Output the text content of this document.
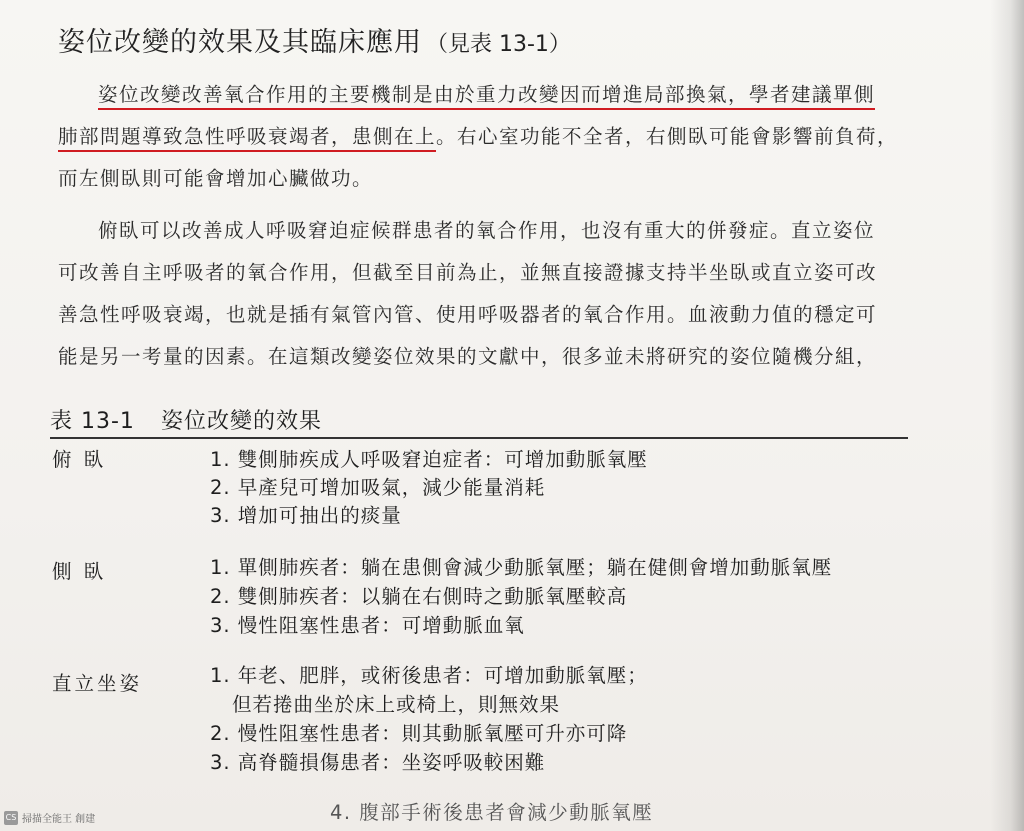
姿位改變的效果及其臨床應用 （見表 13-1）
姿位改變改善氧合作用的主要機制是由於重力改變因而增進局部換氣，學者建議單側
肺部問題導致急性呼吸衰竭者，患側在上。右心室功能不全者，右側臥可能會影響前負荷，
而左側臥則可能會增加心臟做功。
俯臥可以改善成人呼吸窘迫症候群患者的氧合作用，也沒有重大的併發症。直立姿位
可改善自主呼吸者的氧合作用，但截至目前為止，並無直接證據支持半坐臥或直立姿可改
善急性呼吸衰竭，也就是插有氣管內管、使用呼吸器者的氧合作用。血液動力值的穩定可
能是另一考量的因素。在這類改變姿位效果的文獻中，很多並未將研究的姿位隨機分組，
表 13-1 姿位改變的效果
俯 臥	1. 雙側肺疾成人呼吸窘迫症者：可增加動脈氧壓
2. 早產兒可增加吸氣，減少能量消耗
3. 增加可抽出的痰量
側 臥	1. 單側肺疾者：躺在患側會減少動脈氧壓；躺在健側會增加動脈氧壓
2. 雙側肺疾者：以躺在右側時之動脈氧壓較高
3. 慢性阻塞性患者：可增動脈血氧
直立坐姿	1. 年老、肥胖，或術後患者：可增加動脈氧壓；
但若捲曲坐於床上或椅上，則無效果
2. 慢性阻塞性患者：則其動脈氧壓可升亦可降
3. 高脊髓損傷患者：坐姿呼吸較困難
4. 腹部手術後患者會減少動脈氧壓
CS 掃描全能王 創建
